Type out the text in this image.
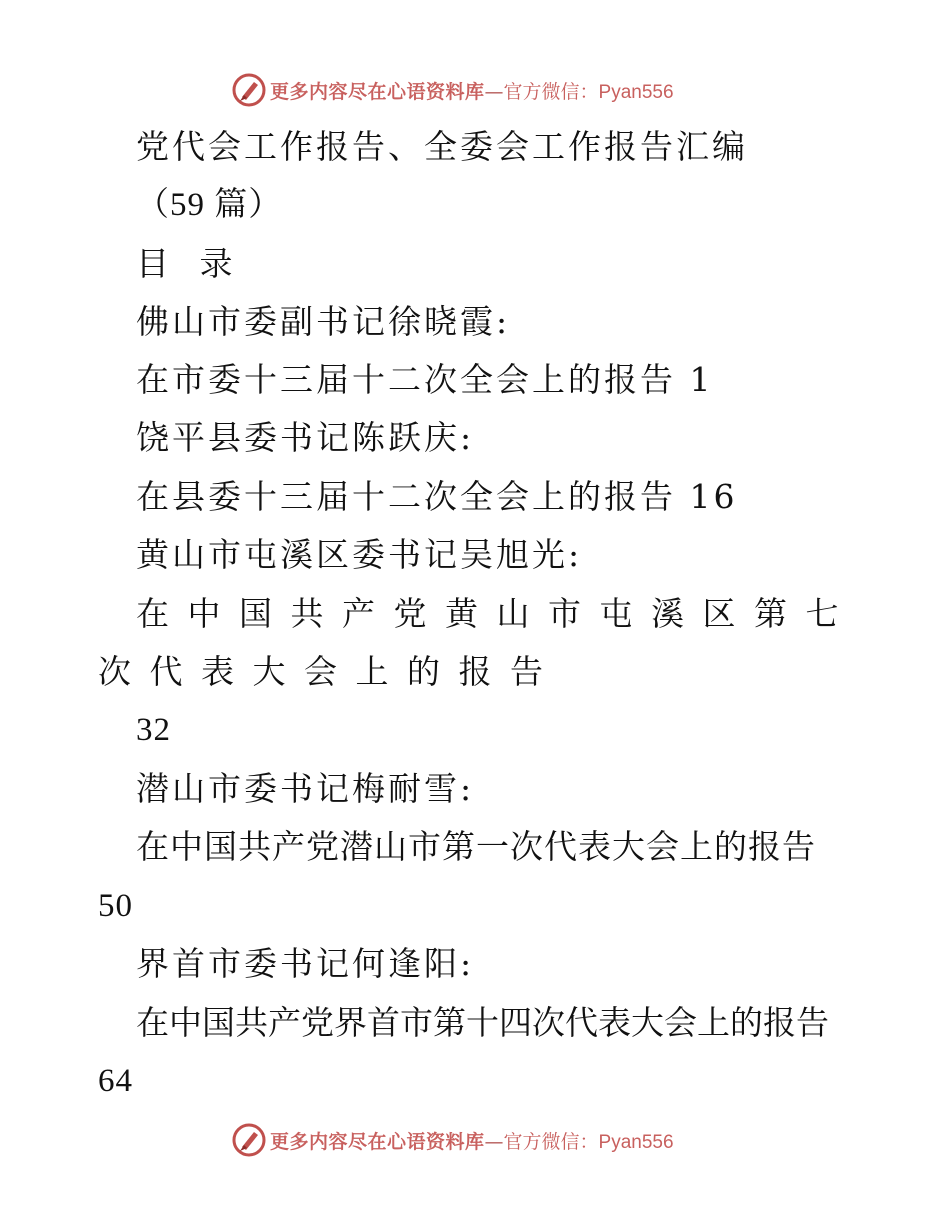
更多内容尽在心语资料库—官方微信：Pyan556
党代会工作报告、全委会工作报告汇编
（59 篇）
目 录
佛山市委副书记徐晓霞:
在市委十三届十二次全会上的报告 1
饶平县委书记陈跃庆:
在县委十三届十二次全会上的报告 16
黄山市屯溪区委书记吴旭光:
在中国共产党黄山市屯溪区第七
次代表大会上的报告
32
潜山市委书记梅耐雪:
在中国共产党潜山市第一次代表大会上的报告
50
界首市委书记何逢阳:
在中国共产党界首市第十四次代表大会上的报告
64
更多内容尽在心语资料库—官方微信：Pyan556
